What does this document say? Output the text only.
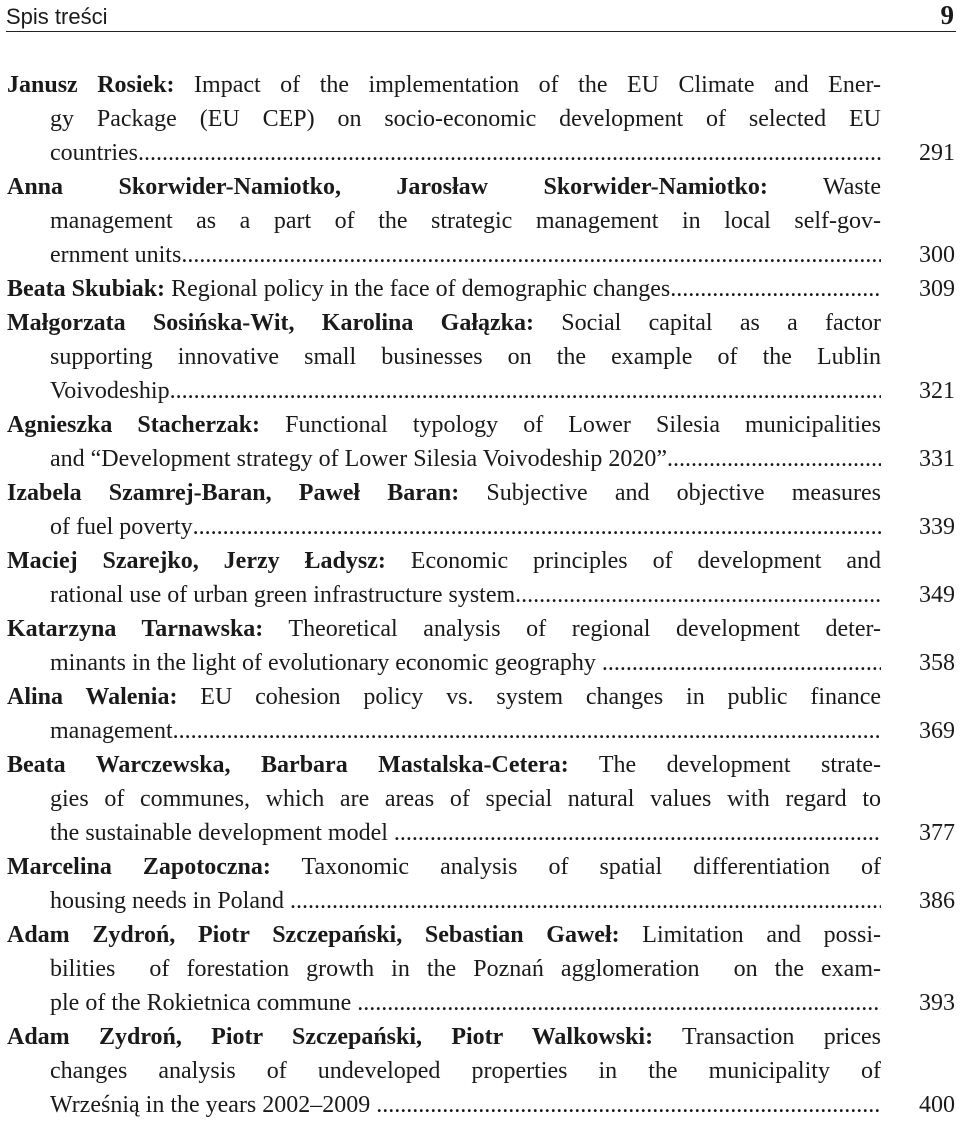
Spis treści	9
Janusz Rosiek: Impact of the implementation of the EU Climate and Ener-
gy Package (EU CEP) on socio-economic development of selected EU
countries .....	291
Anna Skorwider-Namiotko, Jarosław Skorwider-Namiotko: Waste
management as a part of the strategic management in local self-gov-
ernment units .....	300
Beata Skubiak: Regional policy in the face of demographic changes .....	309
Małgorzata Sosińska-Wit, Karolina Gałązka: Social capital as a factor
supporting innovative small businesses on the example of the Lublin
Voivodeship .....	321
Agnieszka Stacherzak: Functional typology of Lower Silesia municipalities
and “Development strategy of Lower Silesia Voivodeship 2020” .....	331
Izabela Szamrej-Baran, Paweł Baran: Subjective and objective measures
of fuel poverty .....	339
Maciej Szarejko, Jerzy Ładysz: Economic principles of development and
rational use of urban green infrastructure system .....	349
Katarzyna Tarnawska: Theoretical analysis of regional development deter-
minants in the light of evolutionary economic geography .....	358
Alina Walenia: EU cohesion policy vs. system changes in public finance
management .....	369
Beata Warczewska, Barbara Mastalska-Cetera: The development strate-
gies of communes, which are areas of special natural values with regard to
the sustainable development model .....	377
Marcelina Zapotoczna: Taxonomic analysis of spatial differentiation of
housing needs in Poland .....	386
Adam Zydroń, Piotr Szczepański, Sebastian Gaweł: Limitation and possi-
bilities  of forestation growth in the Poznań agglomeration  on the exam-
ple of the Rokietnica commune .....	393
Adam Zydroń, Piotr Szczepański, Piotr Walkowski: Transaction prices
changes analysis of undeveloped properties in the municipality of
Wrześnią in the years 2002–2009 .....	400
